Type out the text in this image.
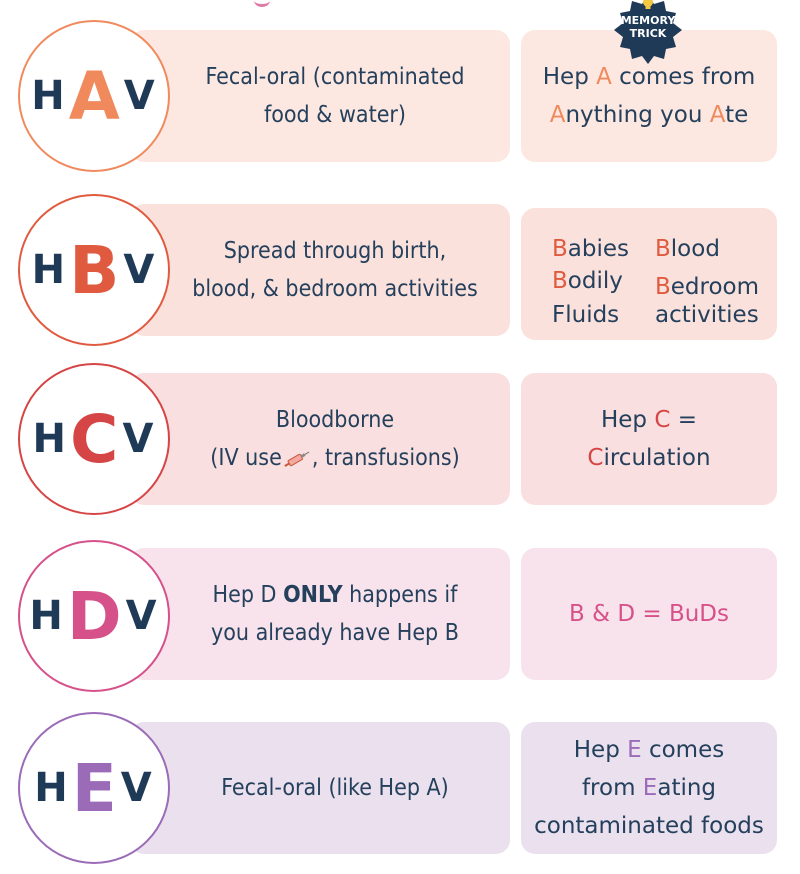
H A V Fecal-oral (contaminated
food & water)
Hep A comes from
Anything you Ate
MEMORY
TRICK
H B V	Spread through birth,
blood, & bedroom activities
Babies
Bodily
Fluids
Blood
Bedroom
activities
H C V	Bloodborne
(IV use , transfusions)
Hep C =
Circulation
H D V Hep D ONLY happens if
you already have Hep B
B & D = BuDs
H E V	Fecal-oral (like Hep A)
Hep E comes
from Eating
contaminated foods
